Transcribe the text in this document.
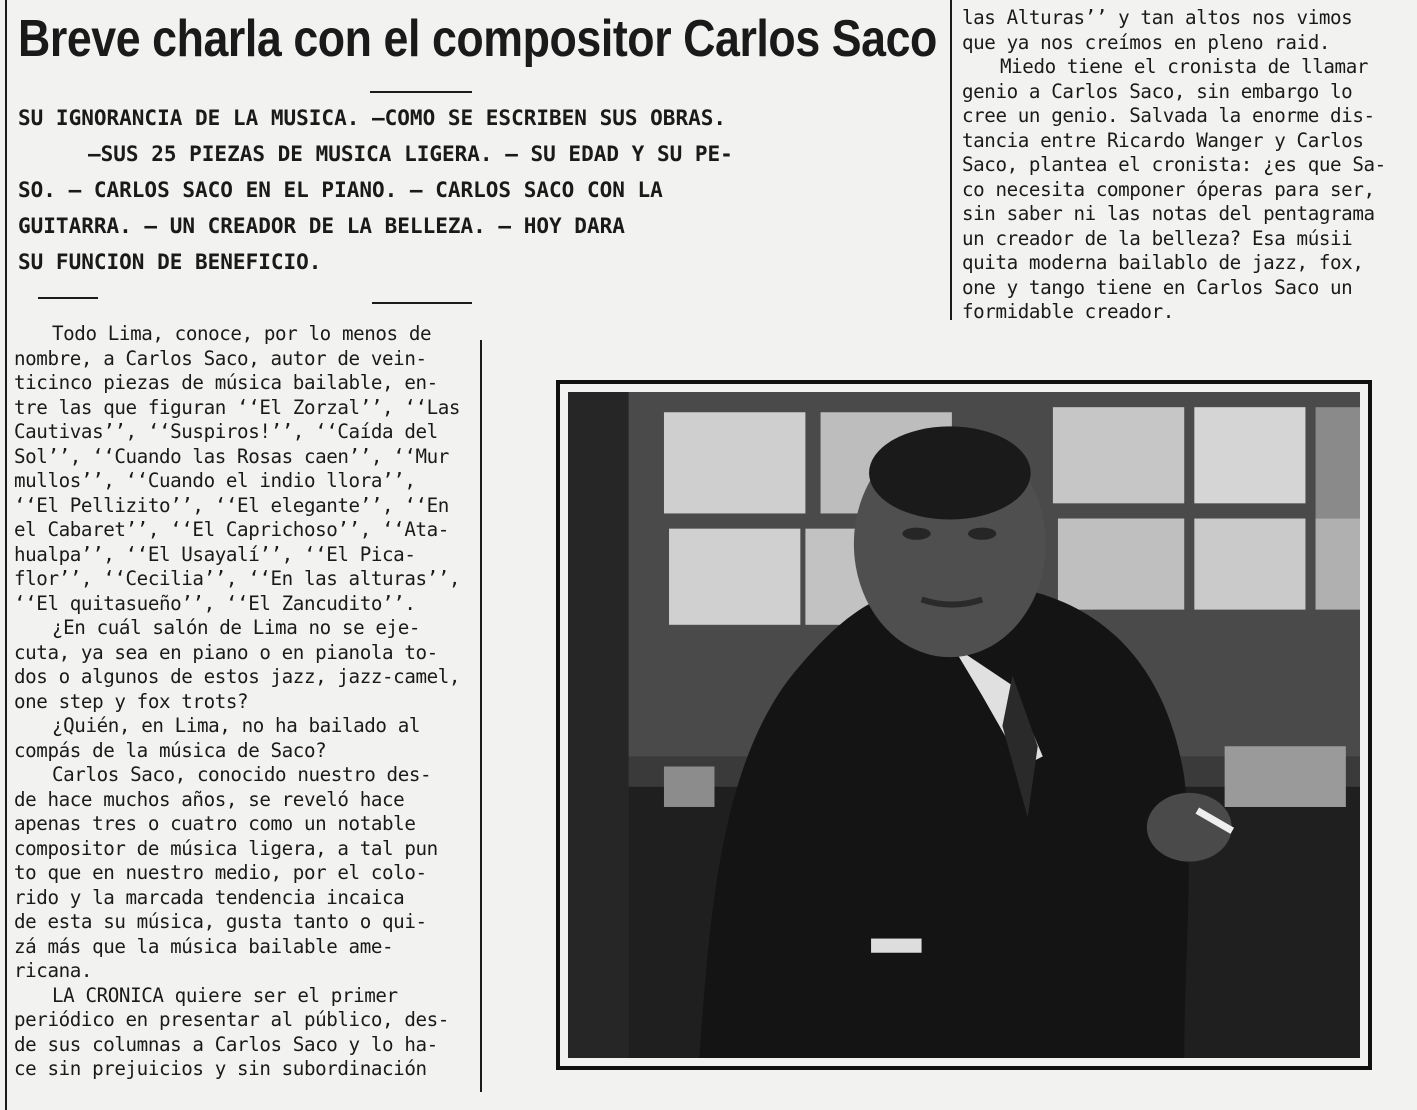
Breve charla con el compositor Carlos Saco
SU IGNORANCIA DE LA MUSICA. —COMO SE ESCRIBEN SUS OBRAS.
—SUS 25 PIEZAS DE MUSICA LIGERA. — SU EDAD Y SU PE-
SO. — CARLOS SACO EN EL PIANO. — CARLOS SACO CON LA
GUITARRA. — UN CREADOR DE LA BELLEZA. — HOY DARA
SU FUNCION DE BENEFICIO.
Todo Lima, conoce, por lo menos de
nombre, a Carlos Saco, autor de vein-
ticinco piezas de música bailable, en-
tre las que figuran ‘‘El Zorzal’’, ‘‘Las
Cautivas’’, ‘‘Suspiros!’’, ‘‘Caída del
Sol’’, ‘‘Cuando las Rosas caen’’, ‘‘Mur
mullos’’, ‘‘Cuando el indio llora’’,
‘‘El Pellizito’’, ‘‘El elegante’’, ‘‘En
el Cabaret’’, ‘‘El Caprichoso’’, ‘‘Ata-
hualpa’’, ‘‘El Usayalí’’, ‘‘El Pica-
flor’’, ‘‘Cecilia’’, ‘‘En las alturas’’,
‘‘El quitasueño’’, ‘‘El Zancudito’’.
¿En cuál salón de Lima no se eje-
cuta, ya sea en piano o en pianola to-
dos o algunos de estos jazz, jazz-camel,
one step y fox trots?
¿Quién, en Lima, no ha bailado al
compás de la música de Saco?
Carlos Saco, conocido nuestro des-
de hace muchos años, se reveló hace
apenas tres o cuatro como un notable
compositor de música ligera, a tal pun
to que en nuestro medio, por el colo-
rido y la marcada tendencia incaica
de esta su música, gusta tanto o qui-
zá más que la música bailable ame-
ricana.
LA CRONICA quiere ser el primer
periódico en presentar al público, des-
de sus columnas a Carlos Saco y lo ha-
ce sin prejuicios y sin subordinación
las Alturas’’ y tan altos nos vimos
que ya nos creímos en pleno raid.
Miedo tiene el cronista de llamar
genio a Carlos Saco, sin embargo lo
cree un genio. Salvada la enorme dis-
tancia entre Ricardo Wanger y Carlos
Saco, plantea el cronista: ¿es que Sa-
co necesita componer óperas para ser,
sin saber ni las notas del pentagrama
un creador de la belleza? Esa músii
quita moderna bailablo de jazz, fox,
one y tango tiene en Carlos Saco un
formidable creador.
